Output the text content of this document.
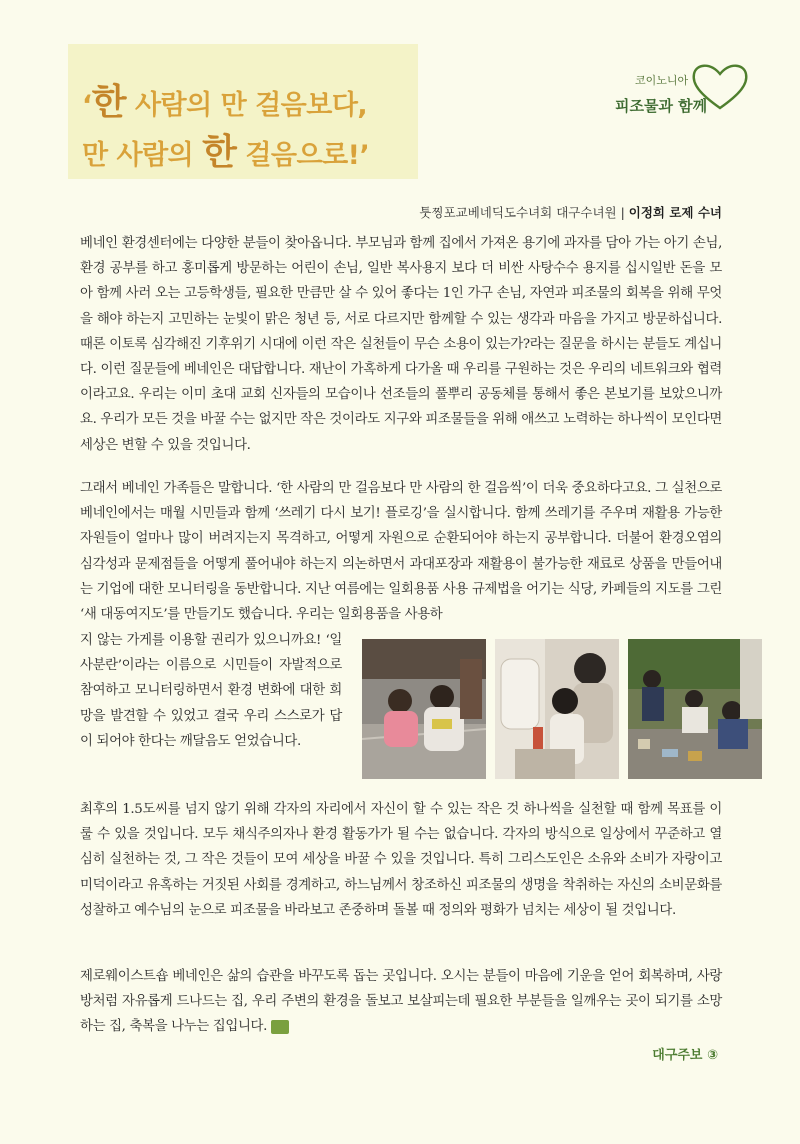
‘한 사람의 만 걸음보다,
만 사람의 한 걸음으로!’
코이노니아
피조물과 함께
툿찡포교베네딕도수녀회 대구수녀원 | 이정희 로제 수녀
베네인 환경센터에는 다양한 분들이 찾아옵니다. 부모님과 함께 집에서 가져온 용기에 과자를 담아 가는 아기 손님, 환경 공부를 하고 홍미롭게 방문하는 어린이 손님, 일반 복사용지 보다 더 비싼 사탕수수 용지를 십시일반 돈을 모아 함께 사러 오는 고등학생들, 필요한 만큼만 살 수 있어 좋다는 1인 가구 손님, 자연과 피조물의 회복을 위해 무엇을 해야 하는지 고민하는 눈빛이 맑은 청년 등, 서로 다르지만 함께할 수 있는 생각과 마음을 가지고 방문하십니다. 때론 이토록 심각해진 기후위기 시대에 이런 작은 실천들이 무슨 소용이 있는가?라는 질문을 하시는 분들도 계십니다. 이런 질문들에 베네인은 대답합니다. 재난이 가혹하게 다가올 때 우리를 구원하는 것은 우리의 네트워크와 협력이라고요. 우리는 이미 초대 교회 신자들의 모습이나 선조들의 풀뿌리 공동체를 통해서 좋은 본보기를 보았으니까요. 우리가 모든 것을 바꿀 수는 없지만 작은 것이라도 지구와 피조물들을 위해 애쓰고 노력하는 하나씩이 모인다면 세상은 변할 수 있을 것입니다.
그래서 베네인 가족들은 말합니다. ‘한 사람의 만 걸음보다 만 사람의 한 걸음씩’이 더욱 중요하다고요. 그 실천으로 베네인에서는 매월 시민들과 함께 ‘쓰레기 다시 보기! 플로깅’을 실시합니다. 함께 쓰레기를 주우며 재활용 가능한 자원들이 얼마나 많이 버려지는지 목격하고, 어떻게 자원으로 순환되어야 하는지 공부합니다. 더불어 환경오염의 심각성과 문제점들을 어떻게 풀어내야 하는지 의논하면서 과대포장과 재활용이 불가능한 재료로 상품을 만들어내는 기업에 대한 모니터링을 동반합니다. 지난 여름에는 일회용품 사용 규제법을 어기는 식당, 카페들의 지도를 그린 ‘새 대동여지도’를 만들기도 했습니다. 우리는 일회용품을 사용하
지 않는 가게를 이용할 권리가 있으니까요! ‘일사분란’이라는 이름으로 시민들이 자발적으로 참여하고 모니터링하면서 환경 변화에 대한 희망을 발견할 수 있었고 결국 우리 스스로가 답이 되어야 한다는 깨달음도 얻었습니다.
최후의 1.5도씨를 넘지 않기 위해 각자의 자리에서 자신이 할 수 있는 작은 것 하나씩을 실천할 때 함께 목표를 이룰 수 있을 것입니다. 모두 채식주의자나 환경 활동가가 될 수는 없습니다. 각자의 방식으로 일상에서 꾸준하고 열심히 실천하는 것, 그 작은 것들이 모여 세상을 바꿀 수 있을 것입니다. 특히 그리스도인은 소유와 소비가 자랑이고 미덕이라고 유혹하는 거짓된 사회를 경계하고, 하느님께서 창조하신 피조물의 생명을 착취하는 자신의 소비문화를 성찰하고 예수님의 눈으로 피조물을 바라보고 존중하며 돌볼 때 정의와 평화가 넘치는 세상이 될 것입니다.
제로웨이스트숍 베네인은 삶의 습관을 바꾸도록 돕는 곳입니다. 오시는 분들이 마음에 기운을 얻어 회복하며, 사랑방처럼 자유롭게 드나드는 집, 우리 주변의 환경을 돌보고 보살피는데 필요한 부분들을 일깨우는 곳이 되기를 소망하는 집, 축복을 나누는 집입니다.
대구주보 ③
